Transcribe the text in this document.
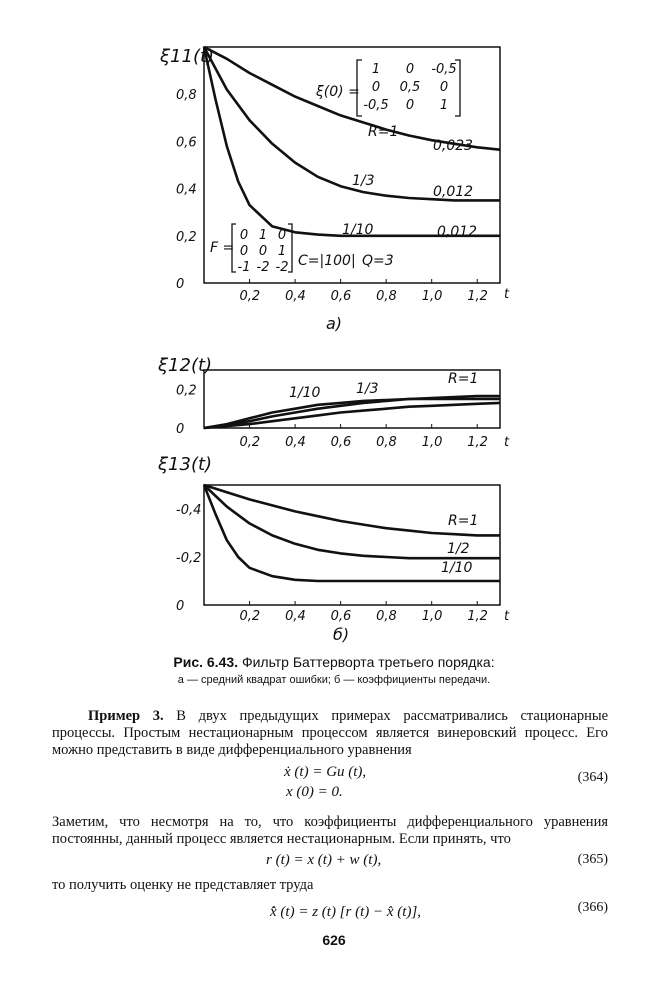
ξ11(t)
0,2 0,4 0,6 0,8 1,0 1,2 t
0
0,2
0,4
0,6
0,8
R=1
0,023
1/3
0,012
1/10	0,012
ξ(0) =
1 0 -0,5
0 0,5 0
-0,5 0 1
F =
0 1 0
0 0 1
-1 -2 -2 C=|100| Q=3
а)
ξ12(t)
0,2 0,4 0,6 0,8 1,0 1,2 t
0
0,2	1/10	1/3
R=1
ξ13(t)
0,2 0,4 0,6 0,8 1,0 1,2 t
0
-0,2
-0,4
R=1
1/2
1/10
б)
Рис. 6.43. Фильтр Баттерворта третьего порядка:
а — средний квадрат ошибки; б — коэффициенты передачи.
Пример 3. В двух предыдущих примерах рассматривались стационарные процессы. Простым нестационарным процессом является винеровский процесс. Его можно представить в виде дифференциального уравнения
ẋ (t) = Gu (t),
x (0) = 0.
(364)
Заметим, что несмотря на то, что коэффициенты дифференциального уравнения постоянны, данный процесс является нестационарным. Если принять, что
r (t) = x (t) + w (t),	(365)
то получить оценку не представляет труда
x̂̇ (t) = z (t) [r (t) − x̂ (t)],	(366)
626
